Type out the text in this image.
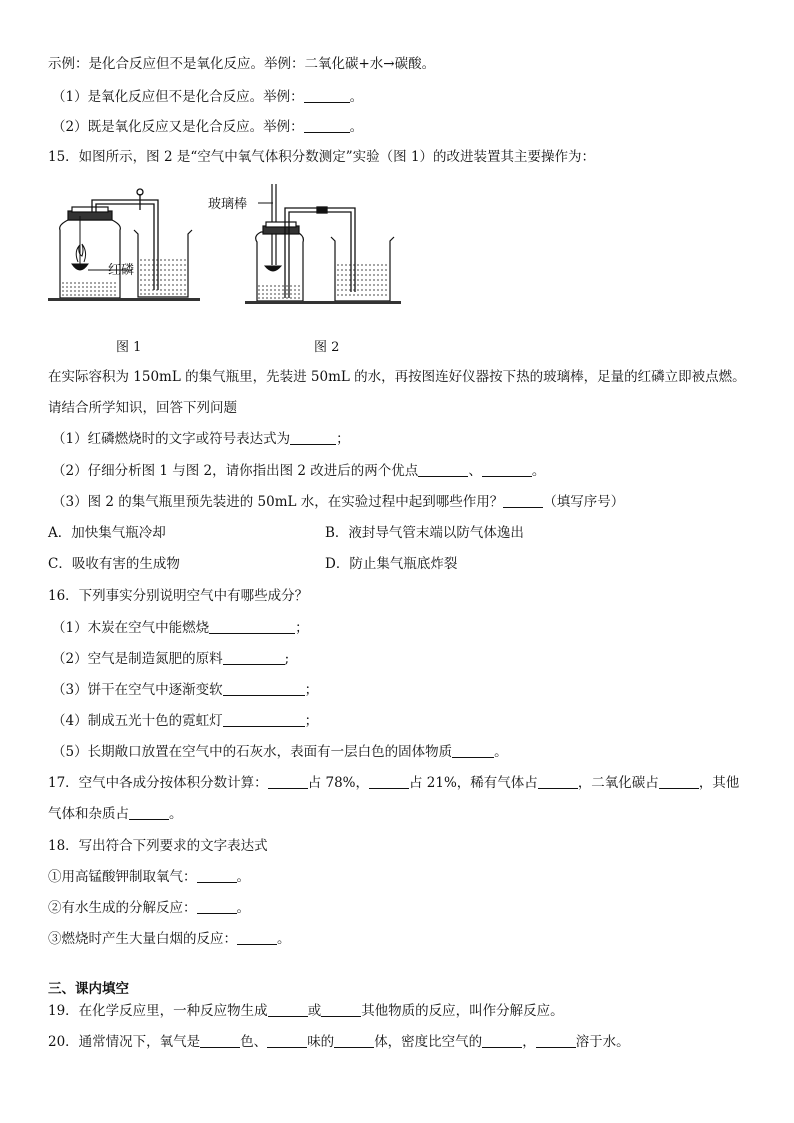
示例：是化合反应但不是氧化反应。举例：二氧化碳+水→碳酸。
（1）是氧化反应但不是化合反应。举例：	。
（2）既是氧化反应又是化合反应。举例：	。
15．如图所示，图 2 是“空气中氧气体积分数测定”实验（图 1）的改进装置其主要操作为：
红磷
玻璃棒
图 1	图 2
在实际容积为 150mL 的集气瓶里，先装进 50mL 的水，再按图连好仪器按下热的玻璃棒，足量的红磷立即被点燃。
请结合所学知识，回答下列问题
（1）红磷燃烧时的文字或符号表达式为	；
（2）仔细分析图 1 与图 2，请你指出图 2 改进后的两个优点	、	。
（3）图 2 的集气瓶里预先装进的 50mL 水，在实验过程中起到哪些作用？	（填写序号）
A．加快集气瓶冷却	B．液封导气管末端以防气体逸出
C．吸收有害的生成物	D．防止集气瓶底炸裂
16．下列事实分别说明空气中有哪些成分？
（1）木炭在空气中能燃烧	；
（2）空气是制造氮肥的原料	;
（3）饼干在空气中逐渐变软	；
（4）制成五光十色的霓虹灯	；
（5）长期敞口放置在空气中的石灰水，表面有一层白色的固体物质	。
17．空气中各成分按体积分数计算：	占 78%，	占 21%，稀有气体占	，二氧化碳占	，其他
气体和杂质占	。
18．写出符合下列要求的文字表达式
①用高锰酸钾制取氧气：	。
②有水生成的分解反应：	。
③燃烧时产生大量白烟的反应：	。
三、课内填空
19．在化学反应里，一种反应物生成	或	其他物质的反应，叫作分解反应。
20．通常情况下，氧气是	色、	味的	体，密度比空气的	，	溶于水。
